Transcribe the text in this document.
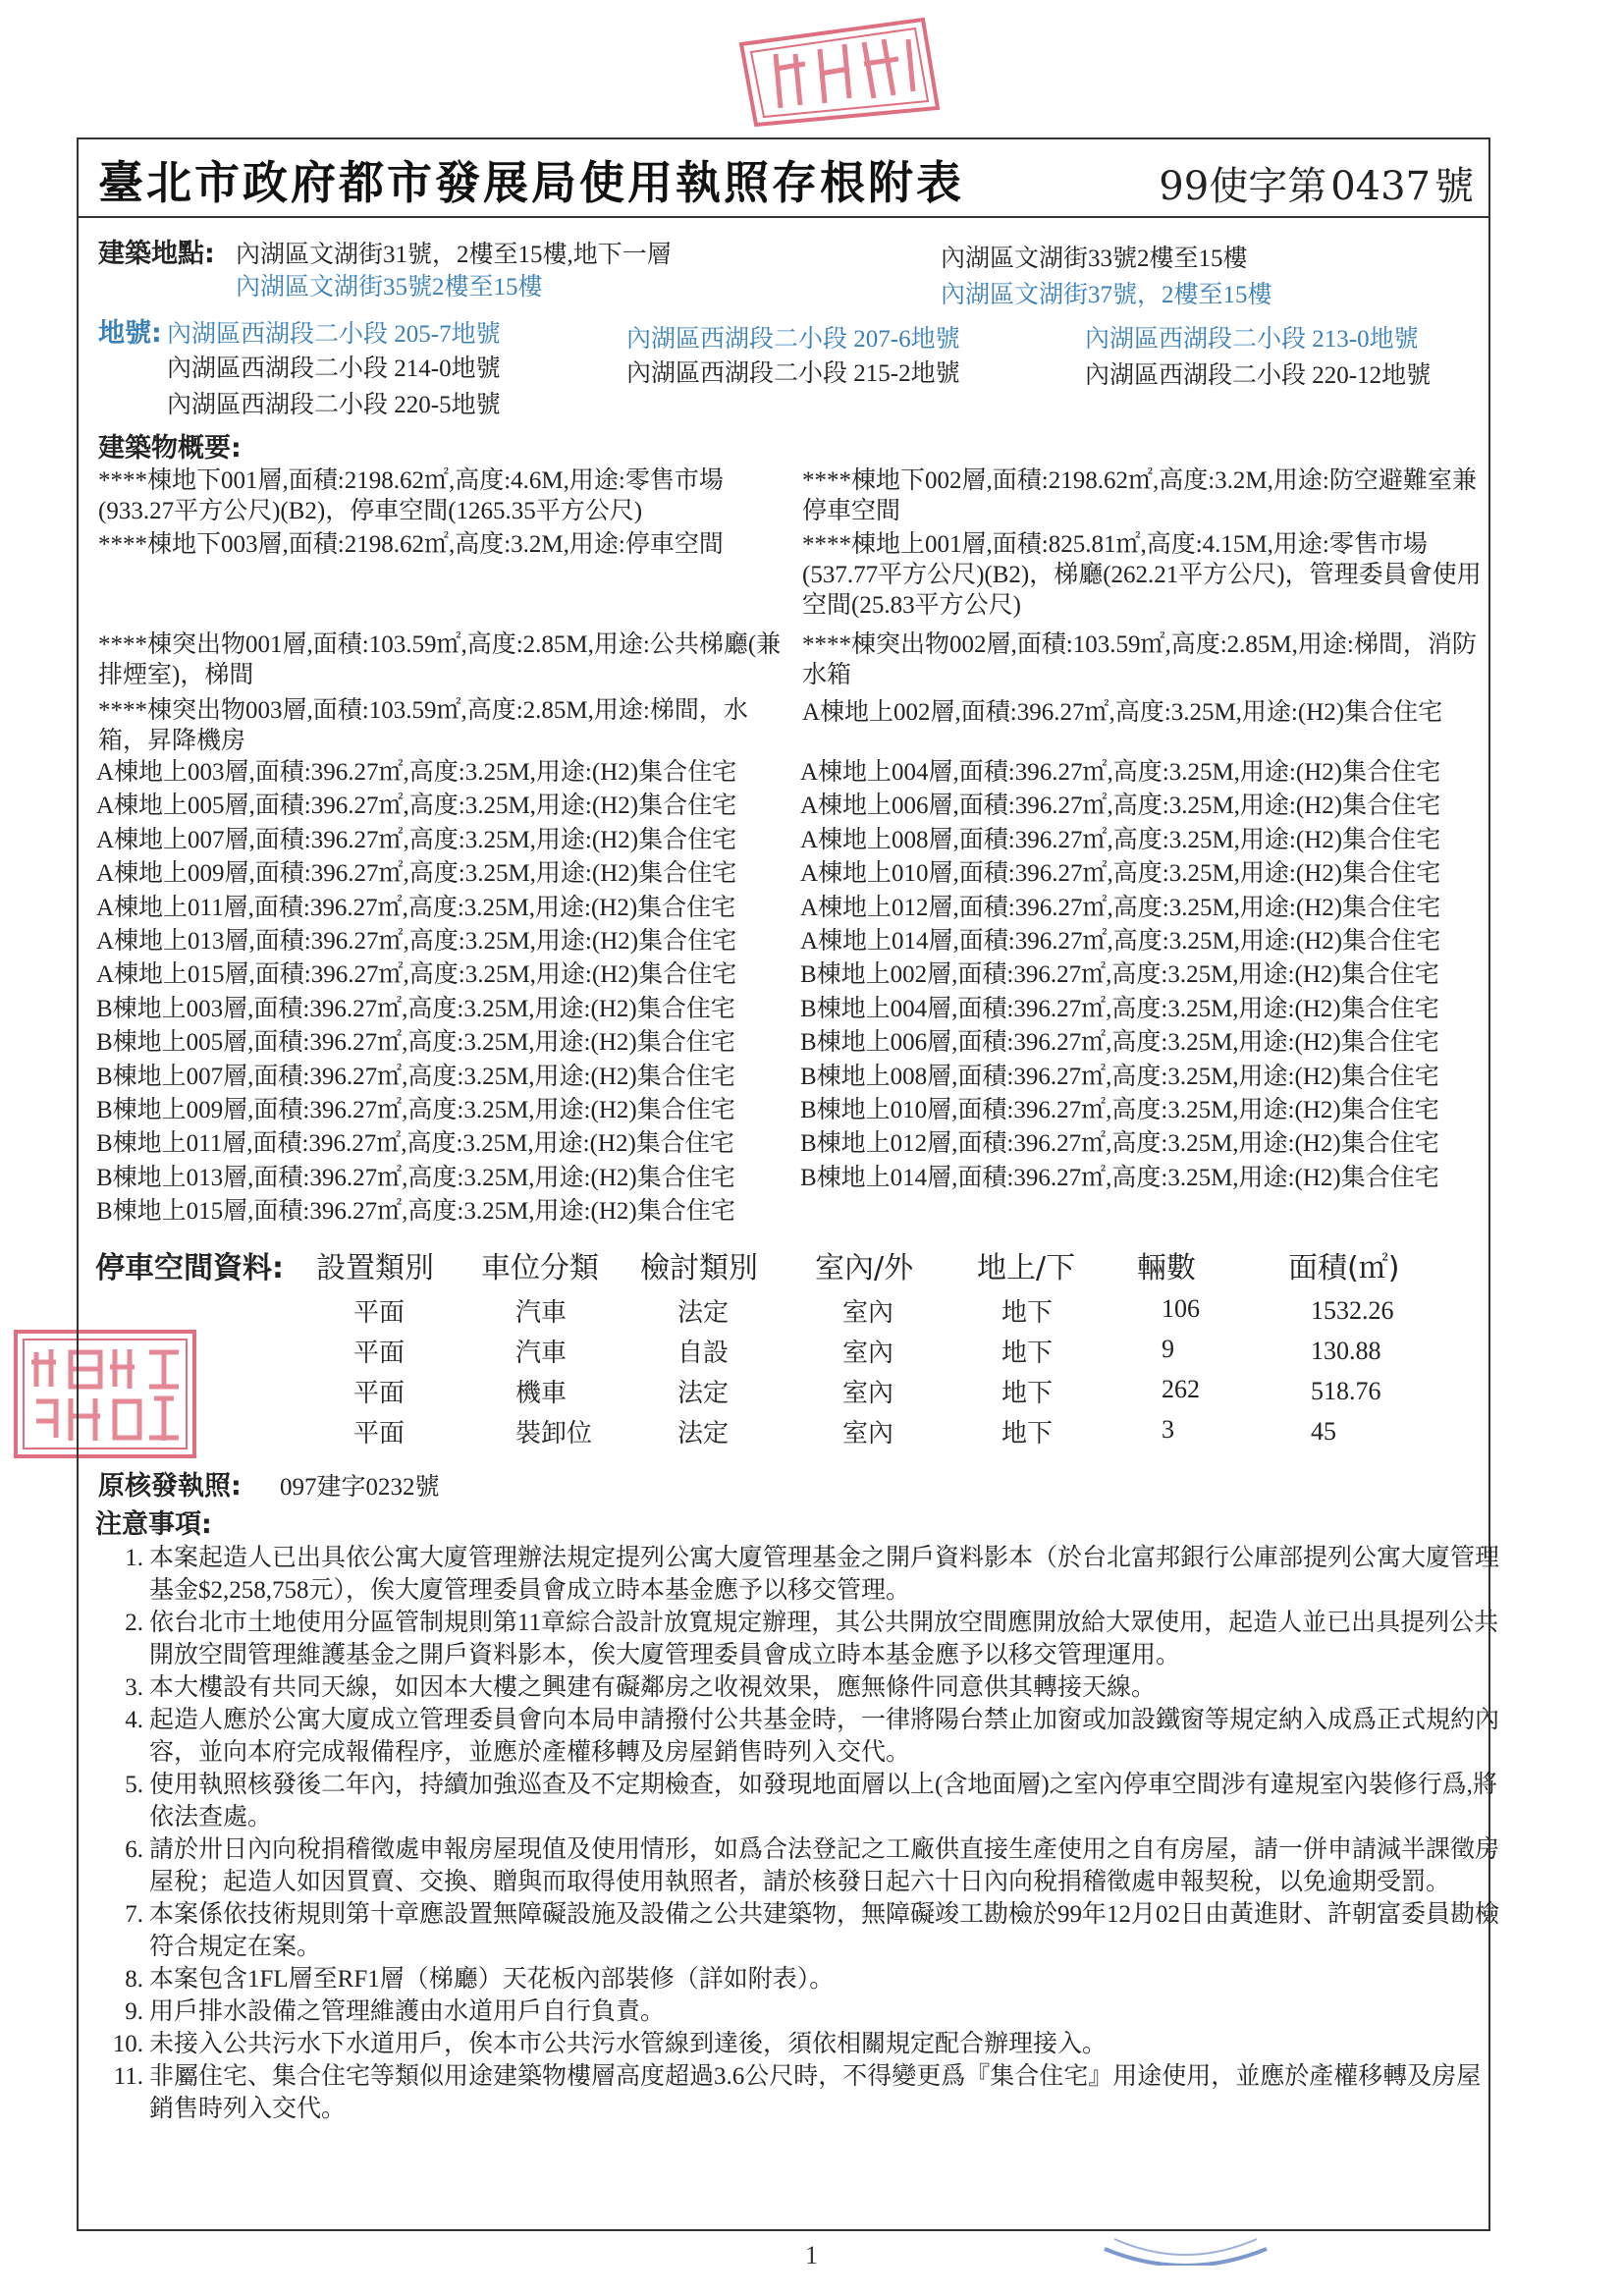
臺北市政府都市發展局使用執照存根附表	99使字第 0437 號
建築地點: 內湖區文湖街31號，2樓至15樓,地下一層
內湖區文湖街35號2樓至15樓
內湖區文湖街33號2樓至15樓
內湖區文湖街37號，2樓至15樓
地號: 內湖區西湖段二小段 205-7地號	內湖區西湖段二小段 207-6地號	內湖區西湖段二小段 213-0地號
內湖區西湖段二小段 214-0地號	內湖區西湖段二小段 215-2地號	內湖區西湖段二小段 220-12地號
內湖區西湖段二小段 220-5地號
建築物概要:
****棟地下001層,面積:2198.62㎡,高度:4.6M,用途:零售市場(933.27平方公尺)(B2)，停車空間(1265.35平方公尺)
****棟地下003層,面積:2198.62㎡,高度:3.2M,用途:停車空間
****棟突出物001層,面積:103.59㎡,高度:2.85M,用途:公共梯廳(兼排煙室)，梯間
****棟突出物003層,面積:103.59㎡,高度:2.85M,用途:梯間，水箱，昇降機房
****棟地下002層,面積:2198.62㎡,高度:3.2M,用途:防空避難室兼停車空間
****棟地上001層,面積:825.81㎡,高度:4.15M,用途:零售市場(537.77平方公尺)(B2)，梯廳(262.21平方公尺)，管理委員會使用空間(25.83平方公尺)
****棟突出物002層,面積:103.59㎡,高度:2.85M,用途:梯間，消防水箱
A棟地上002層,面積:396.27㎡,高度:3.25M,用途:(H2)集合住宅
A棟地上003層,面積:396.27㎡,高度:3.25M,用途:(H2)集合住宅
A棟地上005層,面積:396.27㎡,高度:3.25M,用途:(H2)集合住宅
A棟地上007層,面積:396.27㎡,高度:3.25M,用途:(H2)集合住宅
A棟地上009層,面積:396.27㎡,高度:3.25M,用途:(H2)集合住宅
A棟地上011層,面積:396.27㎡,高度:3.25M,用途:(H2)集合住宅
A棟地上013層,面積:396.27㎡,高度:3.25M,用途:(H2)集合住宅
A棟地上015層,面積:396.27㎡,高度:3.25M,用途:(H2)集合住宅
B棟地上003層,面積:396.27㎡,高度:3.25M,用途:(H2)集合住宅
B棟地上005層,面積:396.27㎡,高度:3.25M,用途:(H2)集合住宅
B棟地上007層,面積:396.27㎡,高度:3.25M,用途:(H2)集合住宅
B棟地上009層,面積:396.27㎡,高度:3.25M,用途:(H2)集合住宅
B棟地上011層,面積:396.27㎡,高度:3.25M,用途:(H2)集合住宅
B棟地上013層,面積:396.27㎡,高度:3.25M,用途:(H2)集合住宅
B棟地上015層,面積:396.27㎡,高度:3.25M,用途:(H2)集合住宅
A棟地上004層,面積:396.27㎡,高度:3.25M,用途:(H2)集合住宅
A棟地上006層,面積:396.27㎡,高度:3.25M,用途:(H2)集合住宅
A棟地上008層,面積:396.27㎡,高度:3.25M,用途:(H2)集合住宅
A棟地上010層,面積:396.27㎡,高度:3.25M,用途:(H2)集合住宅
A棟地上012層,面積:396.27㎡,高度:3.25M,用途:(H2)集合住宅
A棟地上014層,面積:396.27㎡,高度:3.25M,用途:(H2)集合住宅
B棟地上002層,面積:396.27㎡,高度:3.25M,用途:(H2)集合住宅
B棟地上004層,面積:396.27㎡,高度:3.25M,用途:(H2)集合住宅
B棟地上006層,面積:396.27㎡,高度:3.25M,用途:(H2)集合住宅
B棟地上008層,面積:396.27㎡,高度:3.25M,用途:(H2)集合住宅
B棟地上010層,面積:396.27㎡,高度:3.25M,用途:(H2)集合住宅
B棟地上012層,面積:396.27㎡,高度:3.25M,用途:(H2)集合住宅
B棟地上014層,面積:396.27㎡,高度:3.25M,用途:(H2)集合住宅
停車空間資料: 設置類別 車位分類 檢討類別 室內/外 地上/下 輛數	面積(㎡)
平面	汽車	法定	室內	地下	106	1532.26
平面	汽車	自設	室內	地下	9	130.88
平面	機車	法定	室內	地下	262	518.76
平面	裝卸位	法定	室內	地下	3	45
原核發執照: 097建字0232號
注意事項:
1. 本案起造人已出具依公寓大廈管理辦法規定提列公寓大廈管理基金之開戶資料影本（於台北富邦銀行公庫部提列公寓大廈管理基金$2,258,758元），俟大廈管理委員會成立時本基金應予以移交管理。
2. 依台北市土地使用分區管制規則第11章綜合設計放寬規定辦理，其公共開放空間應開放給大眾使用，起造人並已出具提列公共開放空間管理維護基金之開戶資料影本，俟大廈管理委員會成立時本基金應予以移交管理運用。
3. 本大樓設有共同天線，如因本大樓之興建有礙鄰房之收視效果，應無條件同意供其轉接天線。
4. 起造人應於公寓大廈成立管理委員會向本局申請撥付公共基金時，一律將陽台禁止加窗或加設鐵窗等規定納入成爲正式規約內容，並向本府完成報備程序，並應於產權移轉及房屋銷售時列入交代。
5. 使用執照核發後二年內，持續加強巡查及不定期檢查，如發現地面層以上(含地面層)之室內停車空間涉有違規室內裝修行爲,將依法查處。
6. 請於卅日內向稅捐稽徵處申報房屋現值及使用情形，如爲合法登記之工廠供直接生產使用之自有房屋，請一併申請減半課徵房屋稅；起造人如因買賣、交換、贈與而取得使用執照者，請於核發日起六十日內向稅捐稽徵處申報契稅，以免逾期受罰。
7. 本案係依技術規則第十章應設置無障礙設施及設備之公共建築物，無障礙竣工勘檢於99年12月02日由黃進財、許朝富委員勘檢符合規定在案。
8. 本案包含1FL層至RF1層（梯廳）天花板內部裝修（詳如附表）。
9. 用戶排水設備之管理維護由水道用戶自行負責。
10. 未接入公共污水下水道用戶，俟本市公共污水管線到達後，須依相關規定配合辦理接入。
11. 非屬住宅、集合住宅等類似用途建築物樓層高度超過3.6公尺時，不得變更爲『集合住宅』用途使用，並應於產權移轉及房屋銷售時列入交代。
1
